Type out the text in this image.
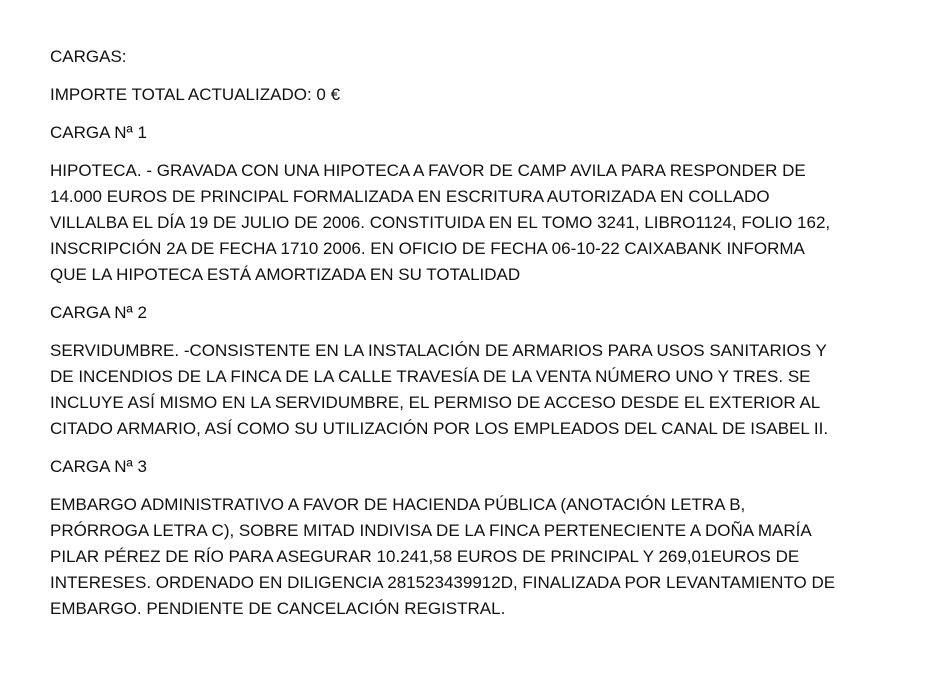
CARGAS:

IMPORTE TOTAL ACTUALIZADO: 0 €

CARGA Nª 1

HIPOTECA. - GRAVADA CON UNA HIPOTECA A FAVOR DE CAMP AVILA PARA RESPONDER DE 14.000 EUROS DE PRINCIPAL FORMALIZADA EN ESCRITURA AUTORIZADA EN COLLADO VILLALBA EL DÍA 19 DE JULIO DE 2006. CONSTITUIDA EN EL TOMO 3241, LIBRO1124, FOLIO 162, INSCRIPCIÓN 2A DE FECHA 1710 2006. EN OFICIO DE FECHA 06-10-22 CAIXABANK INFORMA QUE LA HIPOTECA ESTÁ AMORTIZADA EN SU TOTALIDAD

CARGA Nª 2

SERVIDUMBRE. -CONSISTENTE EN LA INSTALACIÓN DE ARMARIOS PARA USOS SANITARIOS Y DE INCENDIOS DE LA FINCA DE LA CALLE TRAVESÍA DE LA VENTA NÚMERO UNO Y TRES. SE INCLUYE ASÍ MISMO EN LA SERVIDUMBRE, EL PERMISO DE ACCESO DESDE EL EXTERIOR AL CITADO ARMARIO, ASÍ COMO SU UTILIZACIÓN POR LOS EMPLEADOS DEL CANAL DE ISABEL II.

CARGA Nª 3

EMBARGO ADMINISTRATIVO A FAVOR DE HACIENDA PÚBLICA (ANOTACIÓN LETRA B, PRÓRROGA LETRA C), SOBRE MITAD INDIVISA DE LA FINCA PERTENECIENTE A DOÑA MARÍA PILAR PÉREZ DE RÍO PARA ASEGURAR 10.241,58 EUROS DE PRINCIPAL Y 269,01EUROS DE INTERESES. ORDENADO EN DILIGENCIA 281523439912D, FINALIZADA POR LEVANTAMIENTO DE EMBARGO. PENDIENTE DE CANCELACIÓN REGISTRAL.
